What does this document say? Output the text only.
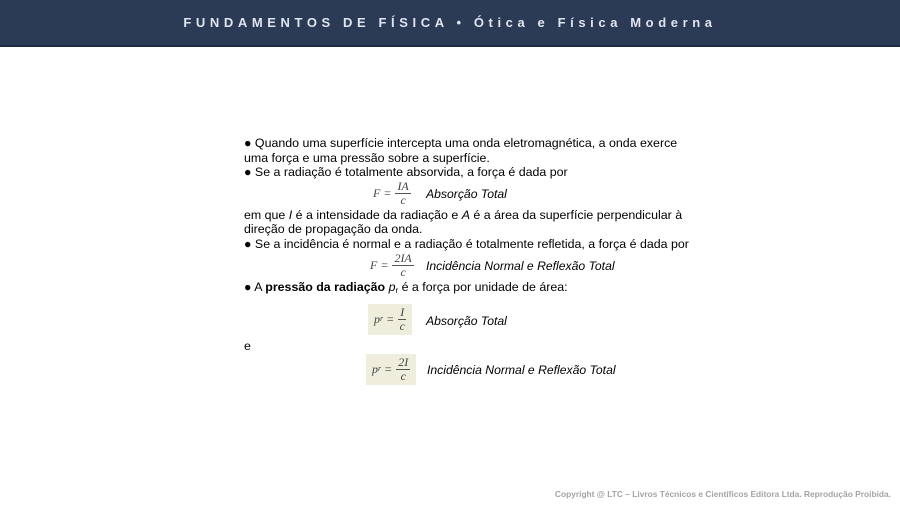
FUNDAMENTOS DE FÍSICA • Ótica e Física Moderna
● Quando uma superfície intercepta uma onda eletromagnética, a onda exerce
uma força e uma pressão sobre a superfície.
● Se a radiação é totalmente absorvida, a força é dada por
$F = \frac{IA}{c}$ Absorção Total
em que I é a intensidade da radiação e A é a área da superfície perpendicular à
direção de propagação da onda.
● Se a incidência é normal e a radiação é totalmente refletida, a força é dada por
$F = \frac{2IA}{c}$ Incidência Normal e Reflexão Total
● A pressão da radiação $p_r$ é a força por unidade de área:
p r
= $\frac{I}{c}$ Absorção Total
e
p r
= $\frac{2I}{c}$ Incidência Normal e Reflexão Total
Copyright @ LTC – Livros Técnicos e Científicos Editora Ltda. Reprodução Proibida.
